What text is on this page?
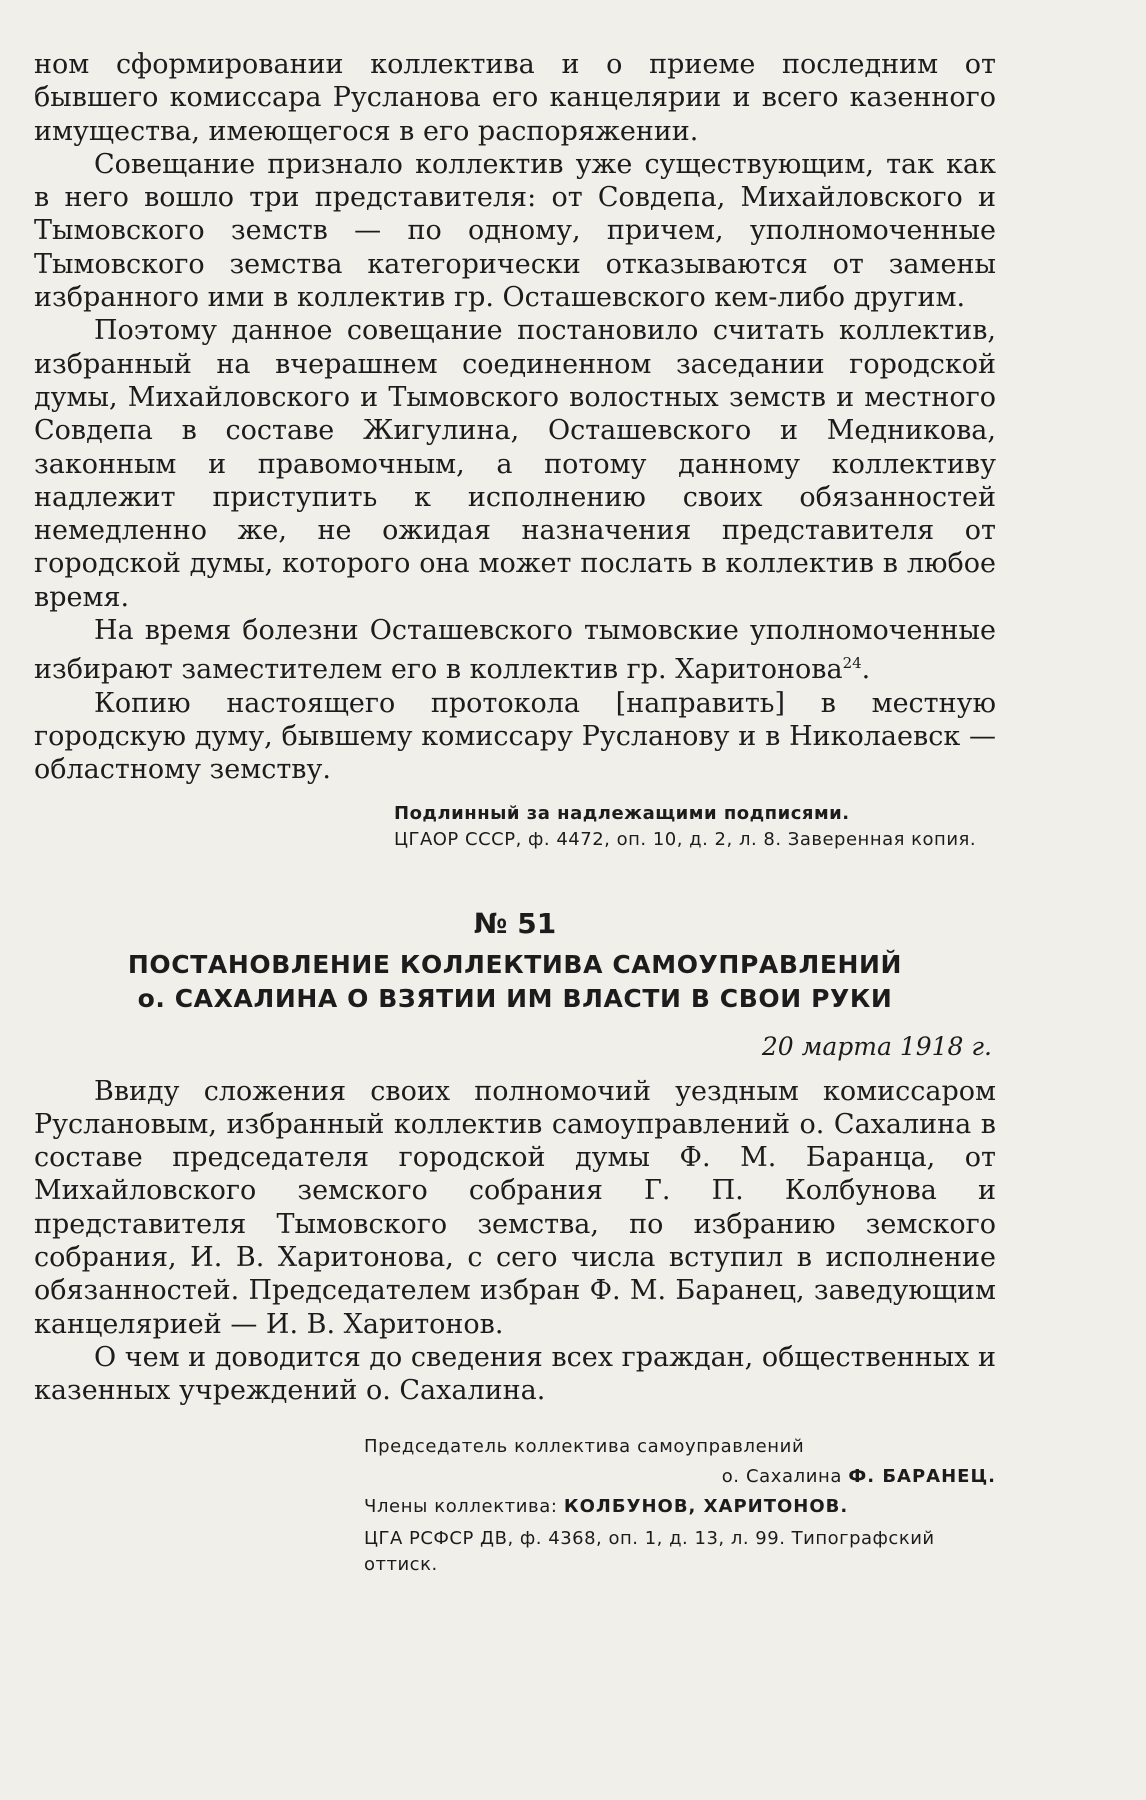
ном сформировании коллектива и о приеме последним от бывшего комиссара Русланова его канцелярии и всего казенного имущества, имеющегося в его распоряжении.

Совещание признало коллектив уже существующим, так как в него вошло три представителя: от Совдепа, Михайловского и Тымовского земств — по одному, причем, уполномоченные Тымовского земства категорически отказываются от замены избранного ими в коллектив гр. Осташевского кем-либо другим.

Поэтому данное совещание постановило считать коллектив, избранный на вчерашнем соединенном заседании городской думы, Михайловского и Тымовского волостных земств и местного Совдепа в составе Жигулина, Осташевского и Медникова, законным и правомочным, а потому данному коллективу надлежит приступить к исполнению своих обязанностей немедленно же, не ожидая назначения представителя от городской думы, которого она может послать в коллектив в любое время.

На время болезни Осташевского тымовские уполномоченные избирают заместителем его в коллектив гр. Харитонова$^{24}$.

Копию настоящего протокола [направить] в местную городскую думу, бывшему комиссару Русланову и в Николаевск — областному земству.

Подлинный за надлежащими подписями.
ЦГАОР СССР, ф. 4472, оп. 10, д. 2, л. 8. Заверенная копия.
№ 51
ПОСТАНОВЛЕНИЕ КОЛЛЕКТИВА САМОУПРАВЛЕНИЙ
о. САХАЛИНА О ВЗЯТИИ ИМ ВЛАСТИ В СВОИ РУКИ
20 марта 1918 г.

Ввиду сложения своих полномочий уездным комиссаром Руслановым, избранный коллектив самоуправлений о. Сахалина в составе председателя городской думы Ф. М. Баранца, от Михайловского земского собрания Г. П. Колбунова и представителя Тымовского земства, по избранию земского собрания, И. В. Харитонова, с сего числа вступил в исполнение обязанностей. Председателем избран Ф. М. Баранец, заведующим канцелярией — И. В. Харитонов.

О чем и доводится до сведения всех граждан, общественных и казенных учреждений о. Сахалина.

Председатель коллектива самоуправлений
о. Сахалина Ф. БАРАНЕЦ.
Члены коллектива: КОЛБУНОВ, ХАРИТОНОВ.
ЦГА РСФСР ДВ, ф. 4368, оп. 1, д. 13, л. 99. Типографский оттиск.
